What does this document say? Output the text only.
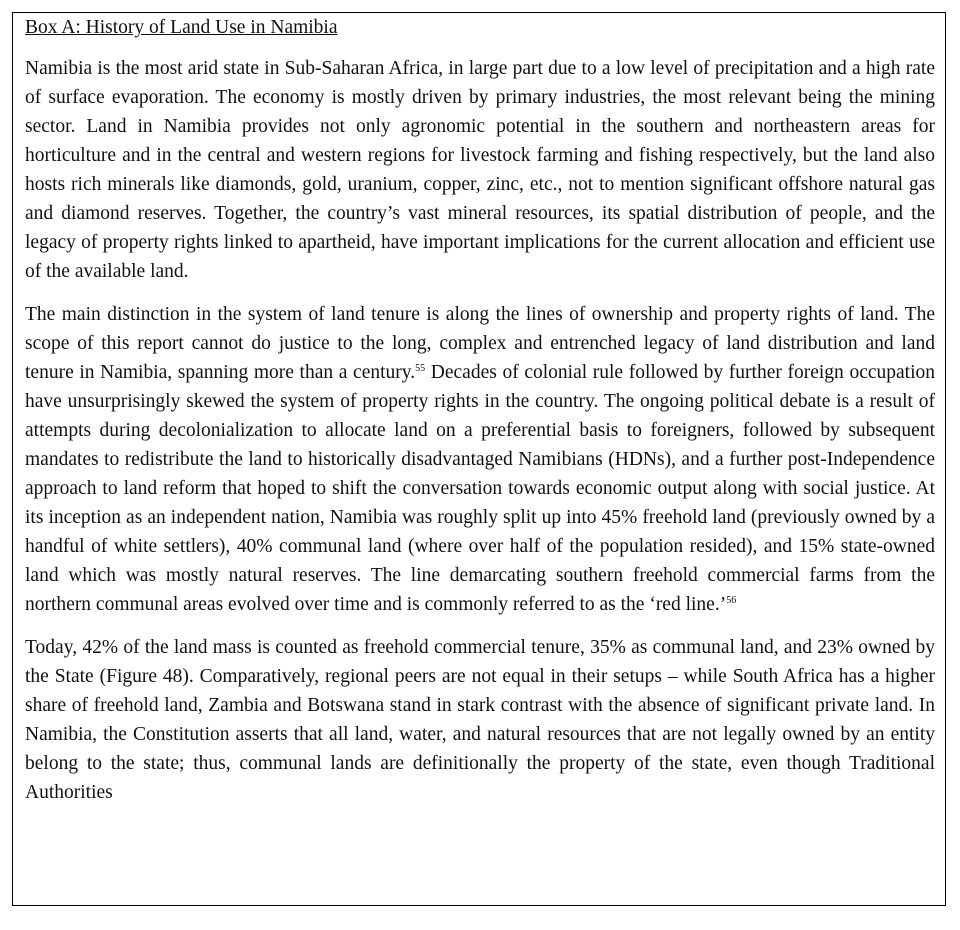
Box A: History of Land Use in Namibia

Namibia is the most arid state in Sub-Saharan Africa, in large part due to a low level of precipitation and a high rate of surface evaporation. The economy is mostly driven by primary industries, the most relevant being the mining sector. Land in Namibia provides not only agronomic potential in the southern and northeastern areas for horticulture and in the central and western regions for livestock farming and fishing respectively, but the land also hosts rich minerals like diamonds, gold, uranium, copper, zinc, etc., not to mention significant offshore natural gas and diamond reserves. Together, the country’s vast mineral resources, its spatial distribution of people, and the legacy of property rights linked to apartheid, have important implications for the current allocation and efficient use of the available land.

The main distinction in the system of land tenure is along the lines of ownership and property rights of land. The scope of this report cannot do justice to the long, complex and entrenched legacy of land distribution and land tenure in Namibia, spanning more than a century.$^{55}$ Decades of colonial rule followed by further foreign occupation have unsurprisingly skewed the system of property rights in the country. The ongoing political debate is a result of attempts during decolonialization to allocate land on a preferential basis to foreigners, followed by subsequent mandates to redistribute the land to historically disadvantaged Namibians (HDNs), and a further post-Independence approach to land reform that hoped to shift the conversation towards economic output along with social justice. At its inception as an independent nation, Namibia was roughly split up into 45% freehold land (previously owned by a handful of white settlers), 40% communal land (where over half of the population resided), and 15% state-owned land which was mostly natural reserves. The line demarcating southern freehold commercial farms from the northern communal areas evolved over time and is commonly referred to as the ‘red line.’$^{56}$

Today, 42% of the land mass is counted as freehold commercial tenure, 35% as communal land, and 23% owned by the State (Figure 48). Comparatively, regional peers are not equal in their setups – while South Africa has a higher share of freehold land, Zambia and Botswana stand in stark contrast with the absence of significant private land. In Namibia, the Constitution asserts that all land, water, and natural resources that are not legally owned by an entity belong to the state; thus, communal lands are definitionally the property of the state, even though Traditional Authorities
